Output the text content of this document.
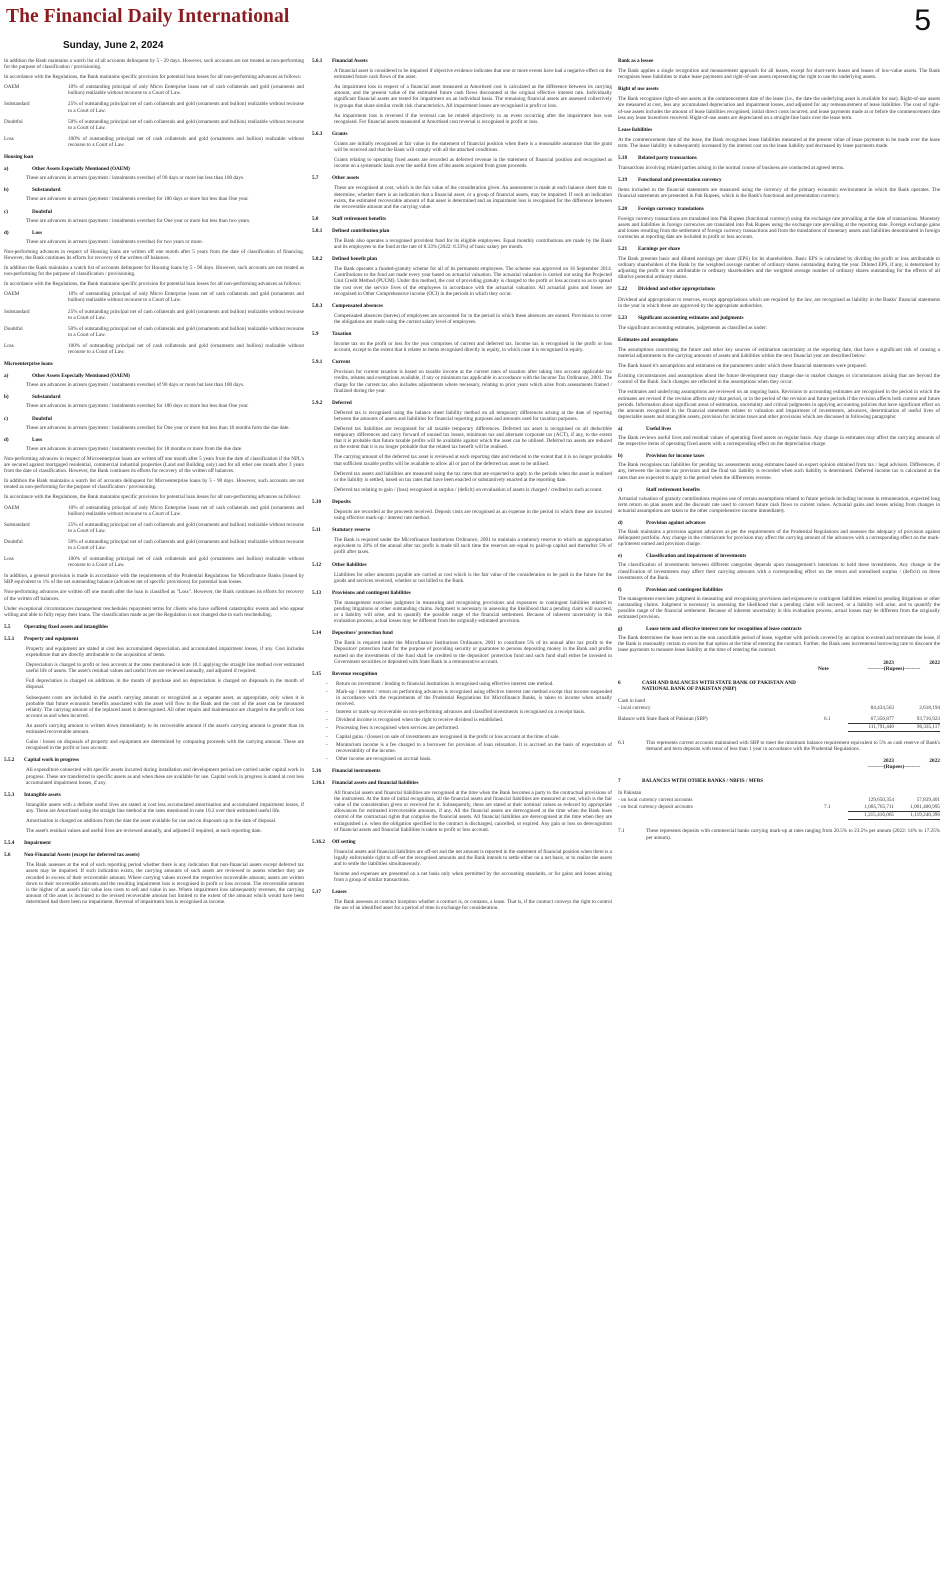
The Financial Daily International
Sunday, June 2, 2024
5
In addition the Bank maintains a watch list of all accounts delinquent by 5 - 29 days. However, such accounts are not treated as non-performing for the purpose of classification / provisioning.
In accordance with the Regulations, the Bank maintains specific provision for potential loan losses for all non-performing advances as follows:
OAEM	10% of outstanding principal of only Micro Enterprise loans net of cash collaterals and gold (ornaments and bullion) realizable without recourse to a Court of Law.
Substandard	25% of outstanding principal net of cash collaterals and gold (ornaments and bullion) realizable without recourse to a Court of Law.
Doubtful	50% of outstanding principal net of cash collaterals and gold (ornaments and bullion) realizable without recourse to a Court of Law.
Loss	100% of outstanding principal net of cash collaterals and gold (ornaments and bullion) realizable without recourse to a Court of Law.
Housing loan
a)	Other Assets Especially Mentioned (OAEM)
These are advances in arrears (payment / instalments overdue) of 90 days or more but less than 180 days.
b)	Substandard
These are advances in arrears (payment / instalments overdue) for 180 days or more but less than One year.
c)	Doubtful
These are advances in arrears (payment / instalments overdue) for One year or more but less than two years.
d)	Loss
These are advances in arrears (payment / instalments overdue) for two years or more.
Non-performing advances in respect of Housing loans are written off one month after 5 years from the date of classification of financing. However, the Bank continues its efforts for recovery of the written off balances.
In addition the Bank maintains a watch list of accounts delinquent for Housing loans by 5 - 90 days. However, such accounts are not treated as non-performing for the purpose of classification / provisioning.
In accordance with the Regulations, the Bank maintains specific provision for potential loan losses for all non-performing advances as follows:
OAEM	10% of outstanding principal of only Micro Enterprise loans net of cash collaterals and gold (ornaments and bullion) realizable without recourse to a Court of Law.
Substandard	25% of outstanding principal net of cash collaterals and gold (ornaments and bullion) realizable without recourse to a Court of Law.
Doubtful	50% of outstanding principal net of cash collaterals and gold (ornaments and bullion) realizable without recourse to a Court of Law.
Loss	100% of outstanding principal net of cash collaterals and gold (ornaments and bullion) realizable without recourse to a Court of Law.
Microenterprise loans
a)	Other Assets Especially Mentioned (OAEM)
These are advances in arrears (payment / instalments overdue) of 90 days or more but less than 180 days.
b)	Substandard
These are advances in arrears (payment / instalments overdue) for 180 days or more but less than One year.
c)	Doubtful
These are advances in arrears (payment / instalments overdue) for One year or more but less than 18 months form the due date.
d)	Loss
These are advances in arrears (payment / instalments overdue) for 18 months or more from the due date.
Non-performing advances in respect of Microenterprise loans are written off one month after 5 years from the date of classification if the NPL's are secured against mortgaged residential, commercial industrial properties (Land and Building only) and for all other one month after 3 years from the date of classification. However, the Bank continues its efforts for recovery of the written off balances.
In addition the Bank maintains a watch list of accounts delinquent for Microenterprise loans by 5 - 90 days. However, such accounts are not treated as non-performing for the purpose of classification / provisioning.
In accordance with the Regulations, the Bank maintains specific provision for potential loan losses for all non-performing advances as follows:
OAEM	10% of outstanding principal of only Micro Enterprise loans net of cash collaterals and gold (ornaments and bullion) realizable without recourse to a Court of Law.
Substandard	25% of outstanding principal net of cash collaterals and gold (ornaments and bullion) realizable without recourse to a Court of Law.
Doubtful	50% of outstanding principal net of cash collaterals and gold (ornaments and bullion) realizable without recourse to a Court of Law.
Loss	100% of outstanding principal net of cash collaterals and gold (ornaments and bullion) realizable without recourse to a Court of Law.
In addition, a general provision is made in accordance with the requirements of the Prudential Regulations for Microfinance Banks (issued by SBP equivalent to 1% of the net outstanding balance (advances net of specific provisions) for potential loan losses.
Non-performing advances are written off one month after the loan is classified as "Loss". However, the Bank continues its efforts for recovery of the written off balances.
Under exceptional circumstances management reschedules repayment terms for clients who have suffered catastrophic events and who appear willing and able to fully repay their loans. The classification made as per the Regulation is not changed due to such rescheduling.
5.5	Operating fixed assets and intangibles
5.5.1 Property and equipment
Property and equipment are stated at cost less accumulated depreciation and accumulated impairment losses, if any. Cost includes expenditure that are directly attributable to the acquisition of items.
Depreciation is charged to profit or loss account at the rates mentioned in note 10.1 applying the straight line method over estimated useful life of assets. The asset's residual values and useful lives are reviewed annually, and adjusted if required.
Full depreciation is charged on additions in the month of purchase and no depreciation is charged on disposals in the month of disposal.
Subsequent costs are included in the asset's carrying amount or recognized as a separate asset, as appropriate, only when it is probable that future economic benefits associated with the asset will flow to the Bank and the cost of the asset can be measured reliably. The carrying amount of the replaced asset is derecognised. All other repairs and maintenance are charged to the profit or loss account as and when incurred.
An asset's carrying amount is written down immediately to its recoverable amount if the asset's carrying amount is greater than its estimated recoverable amount.
Gains / losses on disposals of property and equipment are determined by comparing proceeds with the carrying amount. These are recognised in the profit or loss account.
5.5.2 Capital work in progress
All expenditure connected with specific assets incurred during installation and development period are carried under capital work in progress. These are transferred to specific assets as and when these are available for use. Capital work in progress is stated at cost less accumulated impairment losses, if any.
5.5.3 Intangible assets
Intangible assets with a definite useful lives are stated at cost less accumulated amortisation and accumulated impairment losses, if any. These are Amortised using the straight line method at the rates mentioned in note 10.2 over their estimated useful life.
Amortisation is charged on additions from the date the asset available for use and on disposals up to the date of disposal.
The asset's residual values and useful lives are reviewed annually, and adjusted if required, at each reporting date.
5.5.4 Impairment
5.6	Non-Financial Assets (except for deferred tax assets)
The Bank assesses at the end of each reporting period whether there is any indication that non-financial assets except deferred tax assets may be impaired. If such indication exists, the carrying amounts of such assets are reviewed to assess whether they are recorded in excess of their recoverable amount. Where carrying values exceed the respective recoverable amount, assets are written down to their recoverable amounts and the resulting impairment loss is recognised in profit or loss account. The recoverable amount is the higher of an asset's fair value less costs to sell and value in use. Where impairment loss subsequently reverses, the carrying amount of the asset is increased to the revised recoverable amount but limited to the extent of the amount which would have been determined had there been no impairment. Reversal of impairment loss is recognised as income.
5.6.1 Financial Assets
A financial asset is considered to be impaired if objective evidence indicates that one or more events have had a negative effect on the estimated future cash flows of the asset.
An impairment loss in respect of a financial asset measured at Amortised cost is calculated as the difference between its carrying amount, and the present value of the estimated future cash flows discounted at the original effective interest rate. Individually significant financial assets are tested for impairment on an individual basis. The remaining financial assets are assessed collectively in groups that share similar credit risk characteristics. All impairment losses are recognised in profit or loss.
An impairment loss is reversed if the reversal can be related objectively to an event occurring after the impairment loss was recognised. For financial assets measured at Amortised cost reversal is recognised in profit or loss.
5.6.3 Grants
Grants are initially recognised at fair value in the statement of financial position when there is a reasonable assurance that the grant will be received and that the Bank will comply with all the attached conditions.
Grants relating to operating fixed assets are recorded as deferred revenue in the statement of financial position and recognised as income on a systematic basis over the useful lives of the assets acquired from grant proceeds.
5.7	Other assets
These are recognised at cost, which is the fair value of the consideration given. An assessment is made at each balance sheet date to determine, whether there is an indication that a financial asset, or a group of financial assets, may be impaired. If such an indication exists, the estimated recoverable amount of that asset is determined and an impairment loss is recognised for the difference between the recoverable amount and the carrying value.
5.8	Staff retirement benefits
5.8.1 Defined contribution plan
The Bank also operates a recognised provident fund for its eligible employees. Equal monthly contributions are made by the Bank and its employees to the fund at the rate of 8.33% (2022: 8.33%) of basic salary per month.
5.8.2 Defined benefit plan
The Bank operates a funded-gratuity scheme for all of its permanent employees. The scheme was approved on 16 September 2014. Contributions to the fund are made every year based on actuarial valuation. The actuarial valuation is carried out using the Projected Unit Credit Method (PUCM). Under this method, the cost of providing gratuity is charged to the profit or loss account so as to spread the cost over the service lives of the employees in accordance with the actuarial valuation. All actuarial gains and losses are recognised in Other Comprehensive income (OCI) in the periods in which they occur.
5.8.3 Compensated absences
Compensated absences (leaves) of employees are accounted for in the period in which these absences are earned. Provisions to cover the obligations are made using the current salary level of employees.
5.9	Taxation
Income tax on the profit or loss for the year comprises of current and deferred tax. Income tax is recognised in the profit or loss account, except to the extent that it relates to items recognised directly in equity, in which case it is recognised in equity.
5.9.1 Current
Provision for current taxation is based on taxable income at the current rates of taxation after taking into account applicable tax credits, rebates and exemptions available, if any or minimum tax applicable in accordance with the Income Tax Ordinance, 2001. The charge for the current tax also includes adjustments where necessary, relating to prior years which arise from assessments framed / finalized during the year.
5.9.2 Deferred
Deferred tax is recognised using the balance sheet liability method on all temporary differences arising at the date of reporting between the amounts of assets and liabilities for financial reporting purposes and amounts used for taxation purposes.
Deferred tax liabilities are recognised for all taxable temporary differences. Deferred tax asset is recognised on all deductible temporary differences and carry forward of unused tax losses, minimum tax and alternate corporate tax (ACT), if any, to the extent that it is probable that future taxable profits will be available against which the asset can be utilised. Deferred tax assets are reduced to the extent that it is no longer probable that the related tax benefit will be realised.
The carrying amount of the deferred tax asset is reviewed at each reporting date and reduced to the extent that it is no longer probable that sufficient taxable profits will be available to allow all or part of the deferred tax asset to be utilised.
Deferred tax assets and liabilities are measured using the tax rates that are expected to apply to the periods when the asset is realized or the liability is settled, based on tax rates that have been enacted or substantively enacted at the reporting date.
Deferred tax relating to gain / (loss) recognised in surplus / (deficit) on revaluation of assets is charged / credited to such account.
5.10 Deposits
Deposits are recorded at the proceeds received. Deposit costs are recognised as an expense in the period in which these are incurred using effective mark-up / interest rate method.
5.11 Statutory reserve
The Bank is required under the Microfinance Institutions Ordinance, 2001 to maintain a statutory reserve to which an appropriation equivalent to 20% of the annual after tax profit is made till such time the reserves are equal to paid-up capital and thereafter 5% of profit after taxes.
5.12 Other liabilities
Liabilities for other amounts payable are carried at cost which is the fair value of the consideration to be paid in the future for the goods and services received, whether or not billed to the Bank.
5.13 Provisions and contingent liabilities
The management exercises judgment in measuring and recognising provisions and exposures to contingent liabilities related to pending litigations or other outstanding claims. Judgment is necessary in assessing the likelihood that a pending claim will succeed, or a liability will arise, and to quantify the possible range of the financial settlement. Because of inherent uncertainty in this evaluation process, actual losses may be different from the originally estimated provision.
5.14 Depositors' protection fund
The Bank is required under the Microfinance Institutions Ordinance, 2001 to contribute 5% of its annual after tax profit to the Depositors' protection fund for the purpose of providing security or guarantee to persons depositing money in the Bank and profits earned on the investments of the fund shall be credited to the depositors' protection fund and such fund shall either be invested in Government securities or deposited with State Bank in a remunerative account.
5.15 Revenue recognition
-	Return on investment / lending to financial institutions is recognised using effective interest rate method.
-	Mark-up / interest / return on performing advances is recognised using effective interest rate method except that income suspended in accordance with the requirements of the Prudential Regulations for Microfinance Banks, is taken to income when actually received.
-	Interest or mark-up recoverable on non-performing advances and classified investments is recognised on a receipt basis.
-	Dividend income is recognised when the right to receive dividend is established.
-	Processing fees is recognised when services are performed.
-	Capital gains / (losses) on sale of investments are recognised in the profit or loss account at the time of sale.
-	Moratorium income is a fee charged to a borrower for provision of loan relaxation. It is accrued on the basis of expectation of recoverability of the income.
-	Other income are recognised on accrual basis.
5.16 Financial instruments
5.16.1 Financial assets and financial liabilities
All financial assets and financial liabilities are recognised at the time when the Bank becomes a party to the contractual provisions of the instrument. At the time of initial recognition, all the financial assets and financial liabilities are measured at cost, which is the fair value of the consideration given or received for it. Subsequently, these are stated at their nominal values as reduced by appropriate allowances for estimated irrecoverable amounts, if any. All the financial assets are derecognised at the time when the Bank loses control of the contractual rights that comprise the financial assets. All financial liabilities are derecognised at the time when they are extinguished i.e. when the obligation specified in the contract is discharged, cancelled, or expired. Any gain or loss on derecognition of financial assets and financial liabilities is taken to profit or loss account.
5.16.2 Off setting
Financial assets and financial liabilities are off-set and the net amount is reported in the statement of financial position when there is a legally enforceable right to off-set the recognised amounts and the Bank intends to settle either on a net basis, or to realize the assets and to settle the liabilities simultaneously.
Income and expenses are presented on a net basis only when permitted by the accounting standards, or for gains and losses arising from a group of similar transactions.
5.17 Leases
The Bank assesses at contract inception whether a contract is, or contains, a lease. That is, if the contract conveys the right to control the use of an identified asset for a period of time in exchange for consideration.
Bank as a lessee
The Bank applies a single recognition and measurement approach for all leases, except for short-term leases and leases of low-value assets. The Bank recognises lease liabilities to make lease payments and right-of-use assets representing the right to use the underlying assets.
Right of use assets
The Bank recognises right-of-use assets at the commencement date of the lease (i.e., the date the underlying asset is available for use). Right-of-use assets are measured at cost, less any accumulated depreciation and impairment losses, and adjusted for any remeasurement of lease liabilities. The cost of right-of-use assets includes the amount of lease liabilities recognised, initial direct costs incurred, and lease payments made at or before the commencement date less any lease incentives received. Right-of-use assets are depreciated on a straight-line basis over the lease term.
Lease liabilities
At the commencement date of the lease, the Bank recognises lease liabilities measured at the present value of lease payments to be made over the lease term. The lease liability is subsequently increased by the interest cost on the lease liability and decreased by lease payments made.
5.18 Related party transactions
Transactions involving related parties arising in the normal course of business are conducted at agreed terms.
5.19 Functional and presentation currency
Items included in the financial statements are measured using the currency of the primary economic environment in which the Bank operates. The financial statements are presented in Pak Rupees, which is the Bank's functional and presentation currency.
5.20 Foreign currency translations
Foreign currency transactions are translated into Pak Rupees (functional currency) using the exchange rate prevailing at the date of transactions. Monetary assets and liabilities in foreign currencies are translated into Pak Rupees using the exchange rate prevailing at the reporting date. Foreign exchange gains and losses resulting from the settlement of foreign currency transactions and from the translations of monetary assets and liabilities denominated in foreign currencies at reporting date are included in profit or loss account.
5.21 Earnings per share
The Bank presents basic and diluted earnings per share (EPS) for its shareholders. Basic EPS is calculated by dividing the profit or loss attributable to ordinary shareholders of the Bank by the weighted average number of ordinary shares outstanding during the year. Diluted EPS, if any, is determined by adjusting the profit or loss attributable to ordinary shareholders and the weighted average number of ordinary shares outstanding for the effects of all dilutive potential ordinary shares.
5.22 Dividend and other appropriations
Dividend and appropriation to reserves, except appropriations which are required by the law, are recognised as liability in the Banks' financial statements in the year in which these are approved by the appropriate authorities.
5.23 Significant accounting estimates and judgments
The significant accounting estimates, judgements as classified as under:
Estimates and assumptions
The assumptions concerning the future and other key sources of estimation uncertainty at the reporting date, that have a significant risk of causing a material adjustments to the carrying amounts of assets and liabilities within the next financial year are described below:
The Bank based it's assumptions and estimates on the parameters under which these financial statements were prepared.
Existing circumstances and assumptions about the future development may change due to market changes or circumstances arising that are beyond the control of the Bank. Such changes are reflected in the assumptions when they occur.
The estimates and underlying assumptions are reviewed on an ongoing basis. Revisions to accounting estimates are recognised in the period in which the estimates are revised if the revision affects only that period, or in the period of the revision and future periods if the revision affects both current and future periods. Information about significant areas of estimation, uncertainty and critical judgments in applying accounting policies that have significant effect on the amounts recognised in the financial statements relates to valuation and impairment of investments, advances, determination of useful lives of depreciable assets and intangible assets, provision for income taxes and other provisions which are discussed in following paragraphs:
a)	Useful lives
The Bank reviews useful lives and residual values of operating fixed assets on regular basis. Any change in estimates may affect the carrying amounts of the respective items of operating fixed assets with a corresponding effect on the depreciation charge.
b)	Provision for income taxes
The Bank recognises tax liabilities for pending tax assessments using estimates based on expert opinion obtained from tax / legal advisors. Differences, if any, between the income tax provision and the final tax liability is recorded when such liability is determined. Deferred income tax is calculated at the rates that are expected to apply to the period when the differences reverse.
c)	Staff retirement benefits
Actuarial valuation of gratuity contributions requires use of certain assumptions related to future periods including increase in remuneration, expected long term return on plan assets and the discount rate used to convert future cash flows to current values. Actuarial gains and losses arising from changes in actuarial assumptions are taken to the other comprehensive income immediately.
d)	Provision against advances
The Bank maintains a provision against advances as per the requirements of the Prudential Regulations and assesses the adequacy of provision against delinquent portfolio. Any change in the criteria/rate for provision may affect the carrying amount of the advances with a corresponding effect on the mark-up/interest earned and provision charge.
e)	Classification and impairment of investments
The classification of investments between different categories depends upon management's intentions to hold these investments. Any change in the classification of investments may affect their carrying amounts with a corresponding effect on the return and unrealised surplus / (deficit) on these investments of the Bank.
f)	Provision and contingent liabilities
The management exercises judgment in measuring and recognising provisions and exposures to contingent liabilities related to pending litigations or other outstanding claims. Judgment is necessary in assessing the likelihood that a pending claim will succeed, or a liability will arise, and to quantify the possible range of the financial settlement. Because of inherent uncertainty in this evaluation process, actual losses may be different from the originally estimated provision.
g)	Lease term and effective interest rate for recognition of lease contracts
The Bank determines the lease term as the non cancellable period of lease, together with periods covered by an option to extend and terminate the lease, if the Bank is reasonably certain to exercise that option at the time of entering the contract. Further, the Bank uses incremental borrowing rate to discount the lease payments to measure lease liability at the time of entering the contract.
2023	2022
Note	---------(Rupees)---------
6	CASH AND BALANCES WITH STATE BANK OF PAKISTAN AND NATIONAL BANK OF PAKISTAN (NBP)
Cash in hand
- local currency	84,434,563	2,618,194
Balance with State Bank of Pakistan (SBP)	6.1	67,356,877	93,716,923
111,791,440	96,335,117
6.1	This represents current accounts maintained with SBP to meet the minimum balance requirement equivalent to 5% as cash reserve of Bank's demand and term deposits with tenor of less than 1 year in accordance with the Prudential Regulations.
2023	2022
---------(Rupees)---------
7	BALANCES WITH OTHER BANKS / NBFIS / MFBS
In Pakistan
- on local currency current accounts	129,650,354	57,839,401
- on local currency deposit accounts	7.1	1,085,765,711	1,061,400,995
1,215,416,065	1,119,240,396
7.1	These represents deposits with commercial banks carrying mark-up at rates ranging from 20.5% to 23.5% per annum (2022: 14% to 17.25% per annum).
